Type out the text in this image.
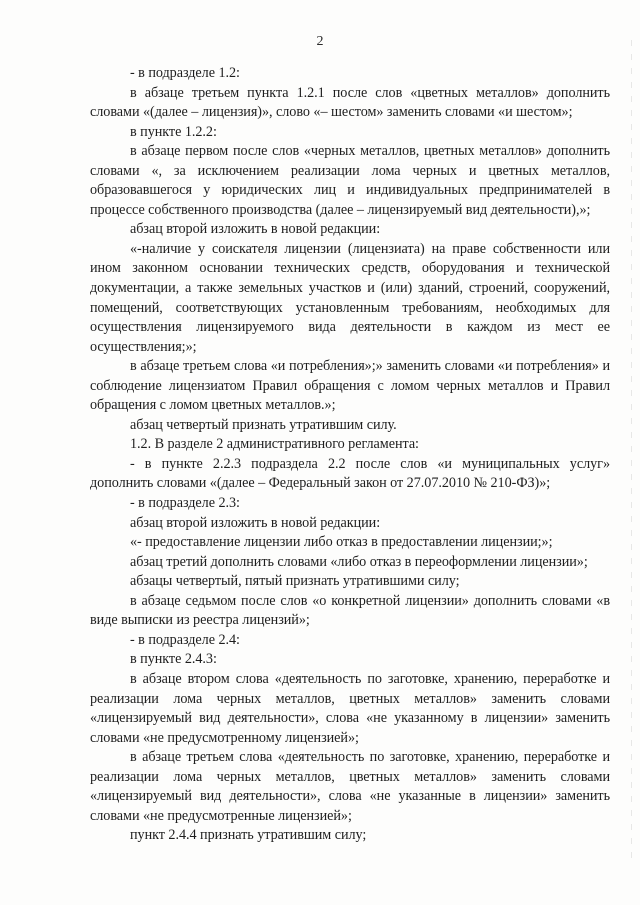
2

- в подразделе 1.2:

в абзаце третьем пункта 1.2.1 после слов «цветных металлов» дополнить словами «(далее – лицензия)», слово «– шестом» заменить словами «и шестом»;

в пункте 1.2.2:

в абзаце первом после слов «черных металлов, цветных металлов» дополнить словами «, за исключением реализации лома черных и цветных металлов, образовавшегося у юридических лиц и индивидуальных предпринимателей в процессе собственного производства (далее – лицензируемый вид деятельности),»;

абзац второй изложить в новой редакции:

«-наличие у соискателя лицензии (лицензиата) на праве собственности или ином законном основании технических средств, оборудования и технической документации, а также земельных участков и (или) зданий, строений, сооружений, помещений, соответствующих установленным требованиям, необходимых для осуществления лицензируемого вида деятельности в каждом из мест ее осуществления;»;

в абзаце третьем слова «и потребления»;» заменить словами «и потребления» и соблюдение лицензиатом Правил обращения с ломом черных металлов и Правил обращения с ломом цветных металлов.»;

абзац четвертый признать утратившим силу.

1.2. В разделе 2 административного регламента:

- в пункте 2.2.3 подраздела 2.2 после слов «и муниципальных услуг» дополнить словами «(далее – Федеральный закон от 27.07.2010 № 210-ФЗ)»;

- в подразделе 2.3:

абзац второй изложить в новой редакции:

«- предоставление лицензии либо отказ в предоставлении лицензии;»;

абзац третий дополнить словами «либо отказ в переоформлении лицензии»;

абзацы четвертый, пятый признать утратившими силу;

в абзаце седьмом после слов «о конкретной лицензии» дополнить словами «в виде выписки из реестра лицензий»;

- в подразделе 2.4:

в пункте 2.4.3:

в абзаце втором слова «деятельность по заготовке, хранению, переработке и реализации лома черных металлов, цветных металлов» заменить словами «лицензируемый вид деятельности», слова «не указанному в лицензии» заменить словами «не предусмотренному лицензией»;

в абзаце третьем слова «деятельность по заготовке, хранению, переработке и реализации лома черных металлов, цветных металлов» заменить словами «лицензируемый вид деятельности», слова «не указанные в лицензии» заменить словами «не предусмотренные лицензией»;

пункт 2.4.4 признать утратившим силу;
